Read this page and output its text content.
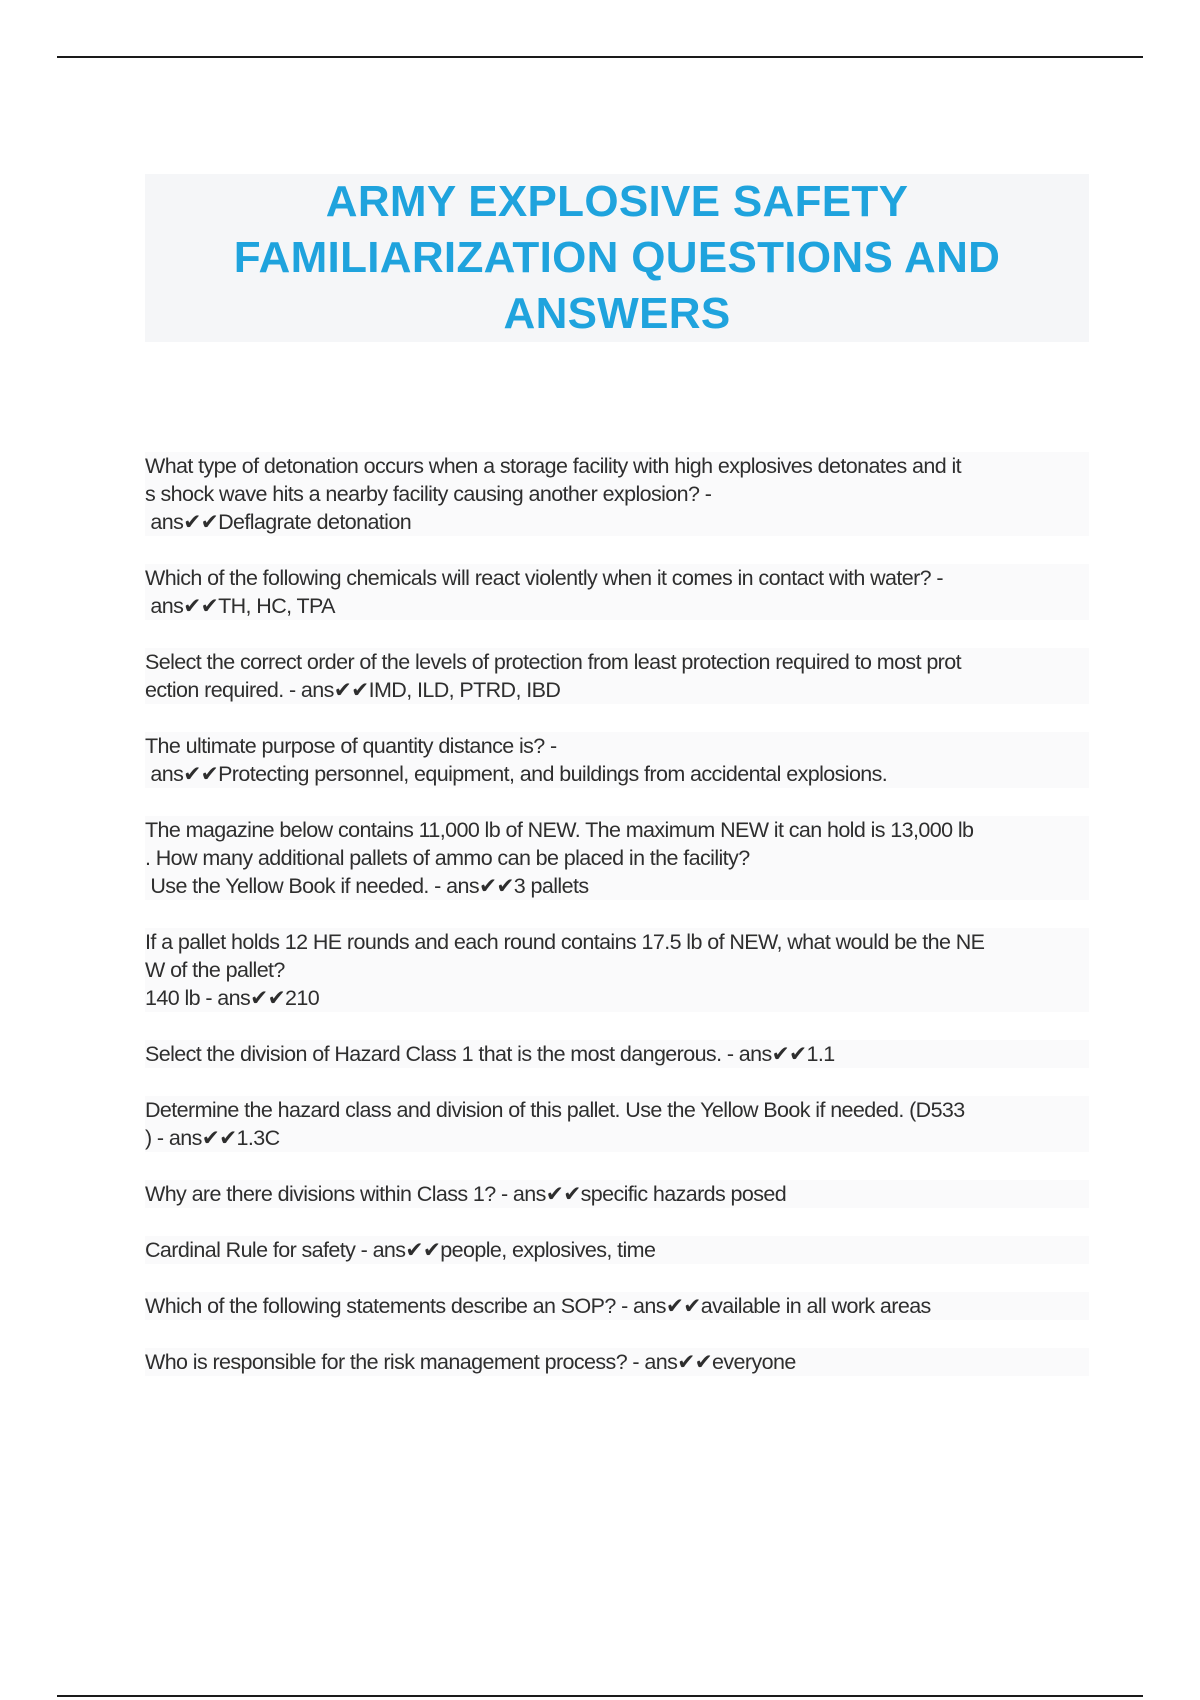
ARMY EXPLOSIVE SAFETY FAMILIARIZATION QUESTIONS AND ANSWERS

What type of detonation occurs when a storage facility with high explosives detonates and it
s shock wave hits a nearby facility causing another explosion? -
ans✔✔Deflagrate detonation

Which of the following chemicals will react violently when it comes in contact with water? -
ans✔✔TH, HC, TPA

Select the correct order of the levels of protection from least protection required to most prot
ection required. - ans✔✔IMD, ILD, PTRD, IBD

The ultimate purpose of quantity distance is? -
ans✔✔Protecting personnel, equipment, and buildings from accidental explosions.

The magazine below contains 11,000 lb of NEW. The maximum NEW it can hold is 13,000 lb
. How many additional pallets of ammo can be placed in the facility?
Use the Yellow Book if needed. - ans✔✔3 pallets

If a pallet holds 12 HE rounds and each round contains 17.5 lb of NEW, what would be the NE
W of the pallet?
140 lb - ans✔✔210

Select the division of Hazard Class 1 that is the most dangerous. - ans✔✔1.1

Determine the hazard class and division of this pallet. Use the Yellow Book if needed. (D533
) - ans✔✔1.3C

Why are there divisions within Class 1? - ans✔✔specific hazards posed

Cardinal Rule for safety - ans✔✔people, explosives, time

Which of the following statements describe an SOP? - ans✔✔available in all work areas

Who is responsible for the risk management process? - ans✔✔everyone
